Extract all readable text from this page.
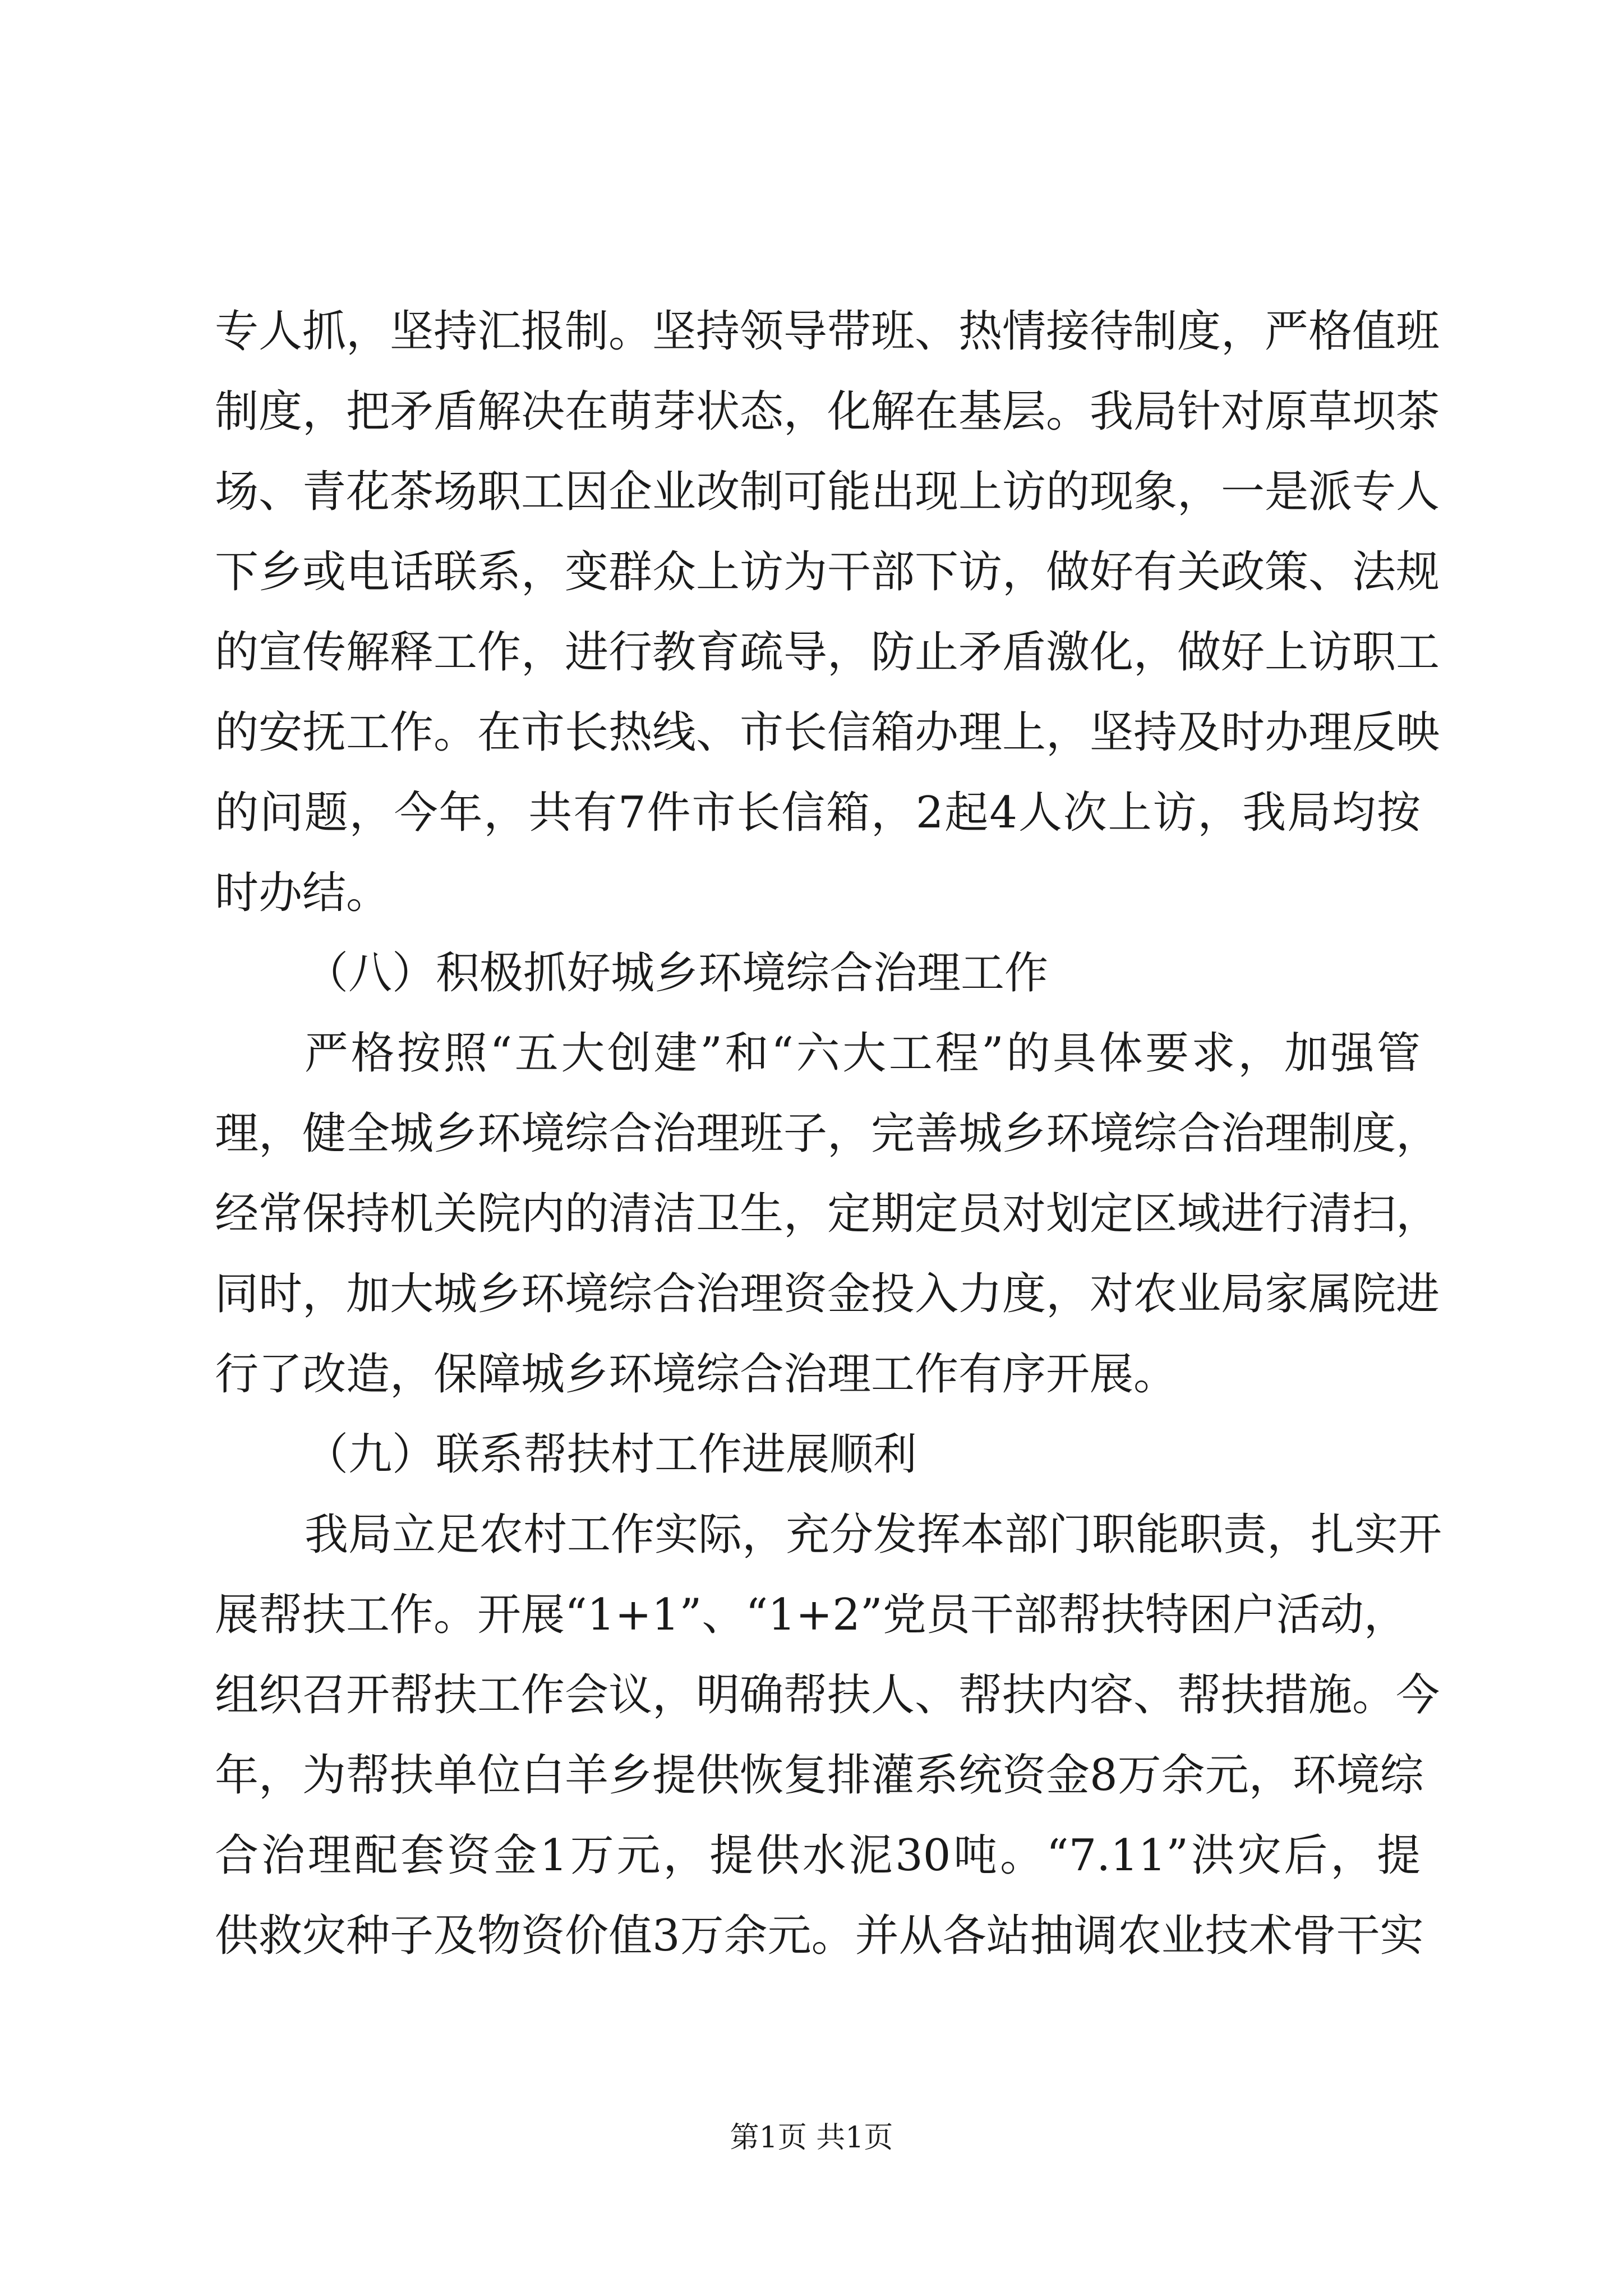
专人抓，坚持汇报制。坚持领导带班、热情接待制度，严格值班
制度，把矛盾解决在萌芽状态，化解在基层。我局针对原草坝茶
场、青花茶场职工因企业改制可能出现上访的现象，一是派专人
下乡或电话联系，变群众上访为干部下访，做好有关政策、法规
的宣传解释工作，进行教育疏导，防止矛盾激化，做好上访职工
的安抚工作。在市长热线、市长信箱办理上，坚持及时办理反映
的问题，今年，共有7件市长信箱，2起4人次上访，我局均按
时办结。
（八）积极抓好城乡环境综合治理工作
严格按照“五大创建”和“六大工程”的具体要求，加强管
理，健全城乡环境综合治理班子，完善城乡环境综合治理制度，
经常保持机关院内的清洁卫生，定期定员对划定区域进行清扫，
同时，加大城乡环境综合治理资金投入力度，对农业局家属院进
行了改造，保障城乡环境综合治理工作有序开展。
（九）联系帮扶村工作进展顺利
我局立足农村工作实际，充分发挥本部门职能职责，扎实开
展帮扶工作。开展“1+1”、“1+2”党员干部帮扶特困户活动，
组织召开帮扶工作会议，明确帮扶人、帮扶内容、帮扶措施。今
年，为帮扶单位白羊乡提供恢复排灌系统资金8万余元，环境综
合治理配套资金1万元，提供水泥30吨。“7.11”洪灾后，提
供救灾种子及物资价值3万余元。并从各站抽调农业技术骨干实
第1页 共1页
